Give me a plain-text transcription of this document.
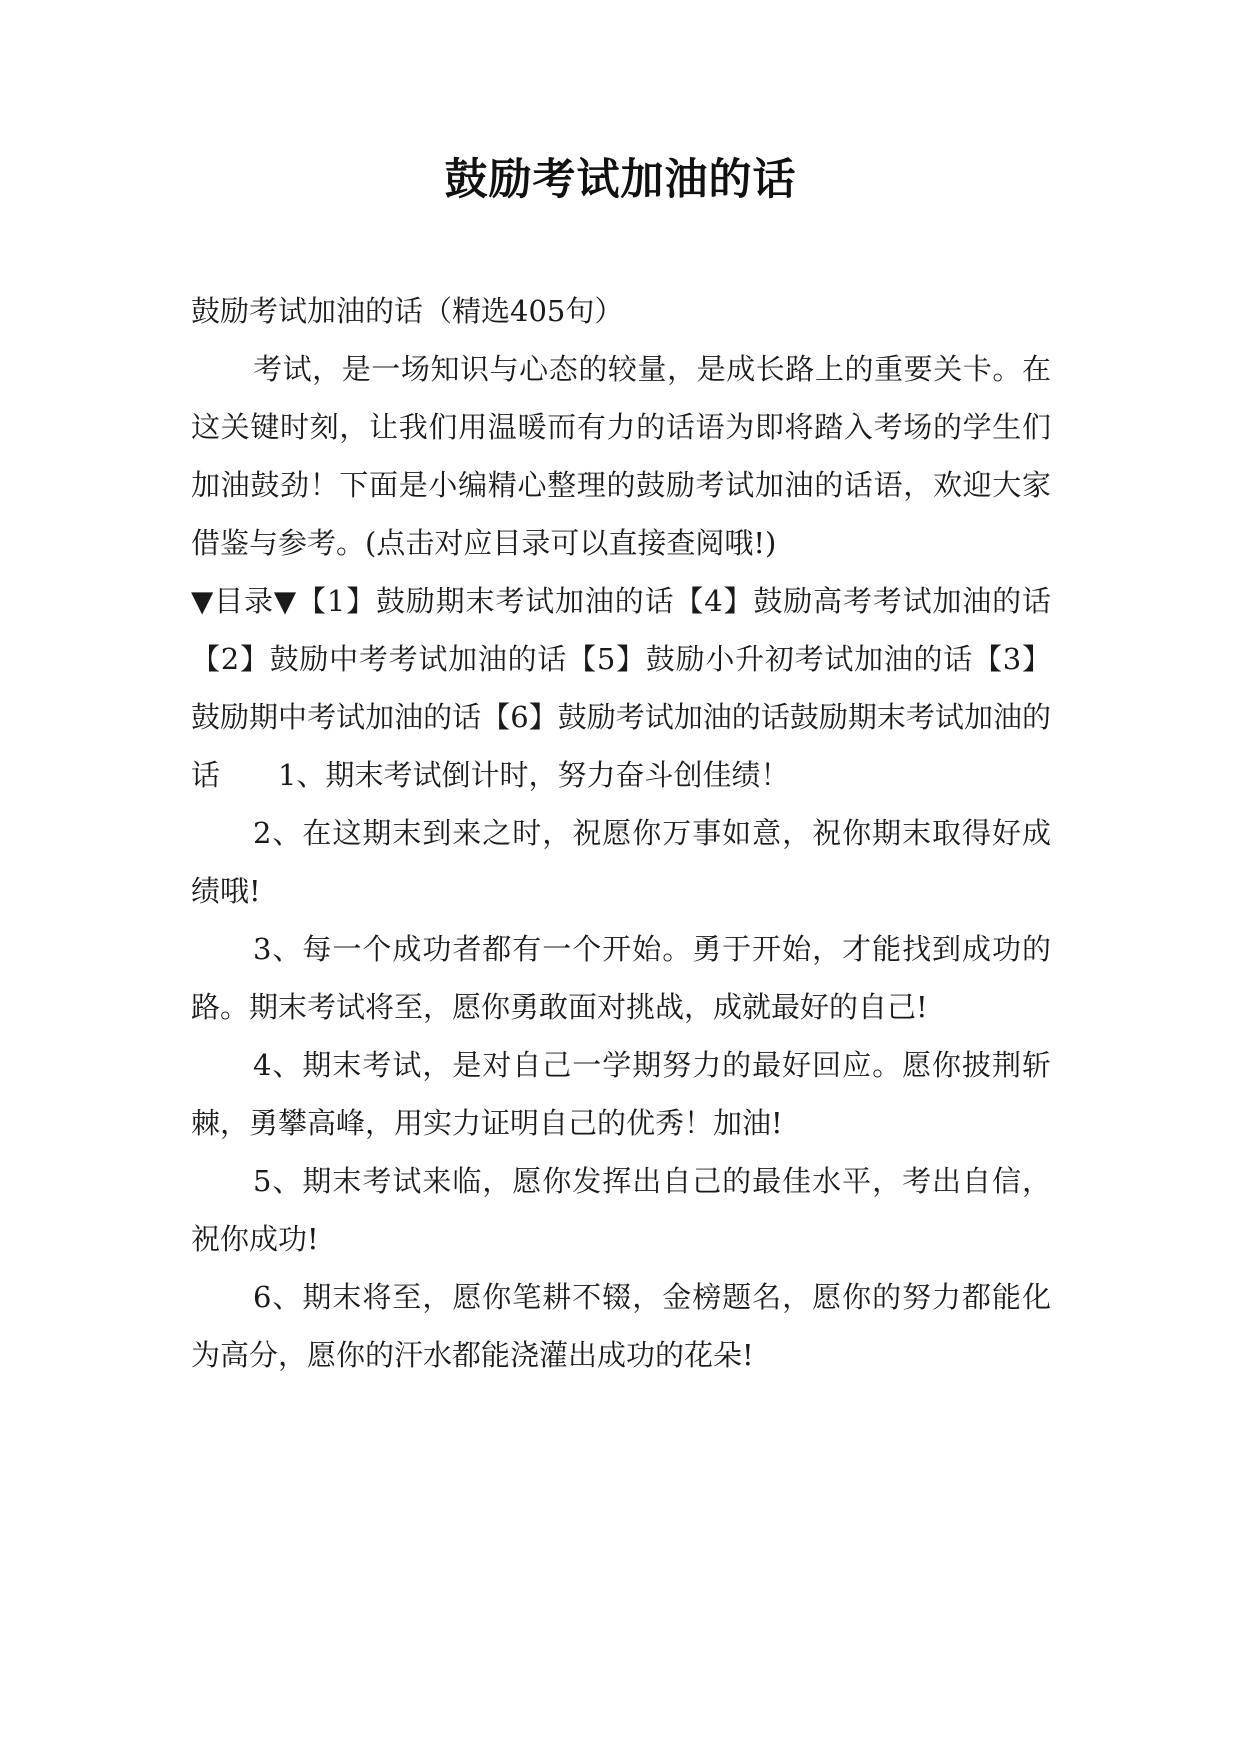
鼓励考试加油的话

鼓励考试加油的话（精选405句）

考试，是一场知识与心态的较量，是成长路上的重要关卡。在这关键时刻，让我们用温暖而有力的话语为即将踏入考场的学生们加油鼓劲！下面是小编精心整理的鼓励考试加油的话语，欢迎大家借鉴与参考。(点击对应目录可以直接查阅哦!)

▼目录▼【1】鼓励期末考试加油的话【4】鼓励高考考试加油的话【2】鼓励中考考试加油的话【5】鼓励小升初考试加油的话【3】鼓励期中考试加油的话【6】鼓励考试加油的话鼓励期末考试加油的话 1、期末考试倒计时，努力奋斗创佳绩！

2、在这期末到来之时，祝愿你万事如意，祝你期末取得好成绩哦!

3、每一个成功者都有一个开始。勇于开始，才能找到成功的路。期末考试将至，愿你勇敢面对挑战，成就最好的自己!

4、期末考试，是对自己一学期努力的最好回应。愿你披荆斩棘，勇攀高峰，用实力证明自己的优秀！加油!

5、期末考试来临，愿你发挥出自己的最佳水平，考出自信，祝你成功!

6、期末将至，愿你笔耕不辍，金榜题名，愿你的努力都能化为高分，愿你的汗水都能浇灌出成功的花朵!
